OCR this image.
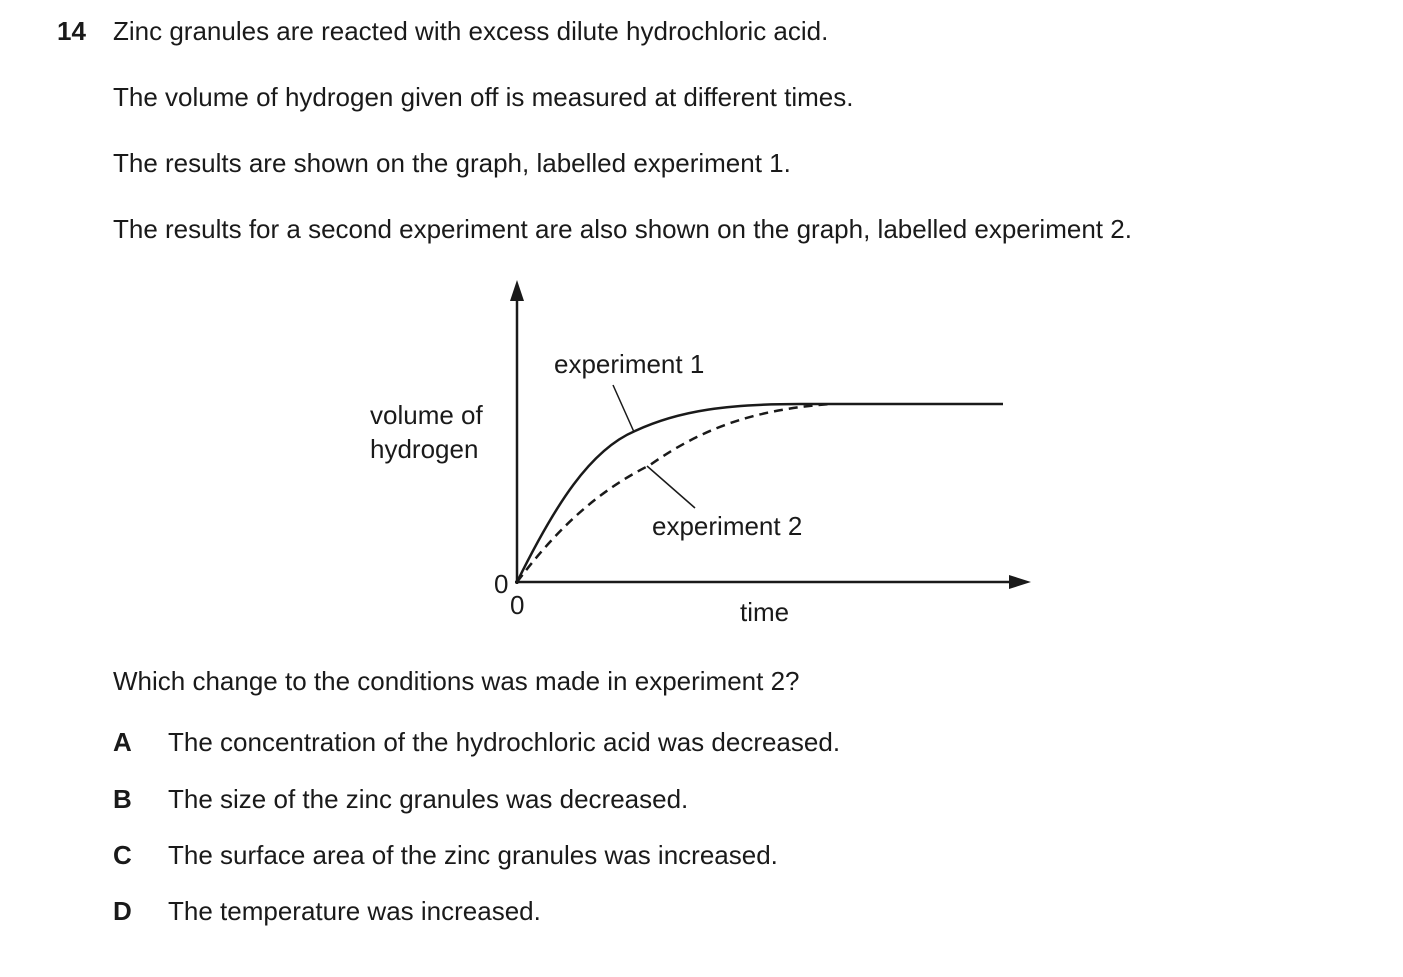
14 Zinc granules are reacted with excess dilute hydrochloric acid.
The volume of hydrogen given off is measured at different times.
The results are shown on the graph, labelled experiment 1.
The results for a second experiment are also shown on the graph, labelled experiment 2.
experiment 1
experiment 2
volume of
hydrogen
0
0	time
Which change to the conditions was made in experiment 2?
A The concentration of the hydrochloric acid was decreased.
B The size of the zinc granules was decreased.
C The surface area of the zinc granules was increased.
D The temperature was increased.
